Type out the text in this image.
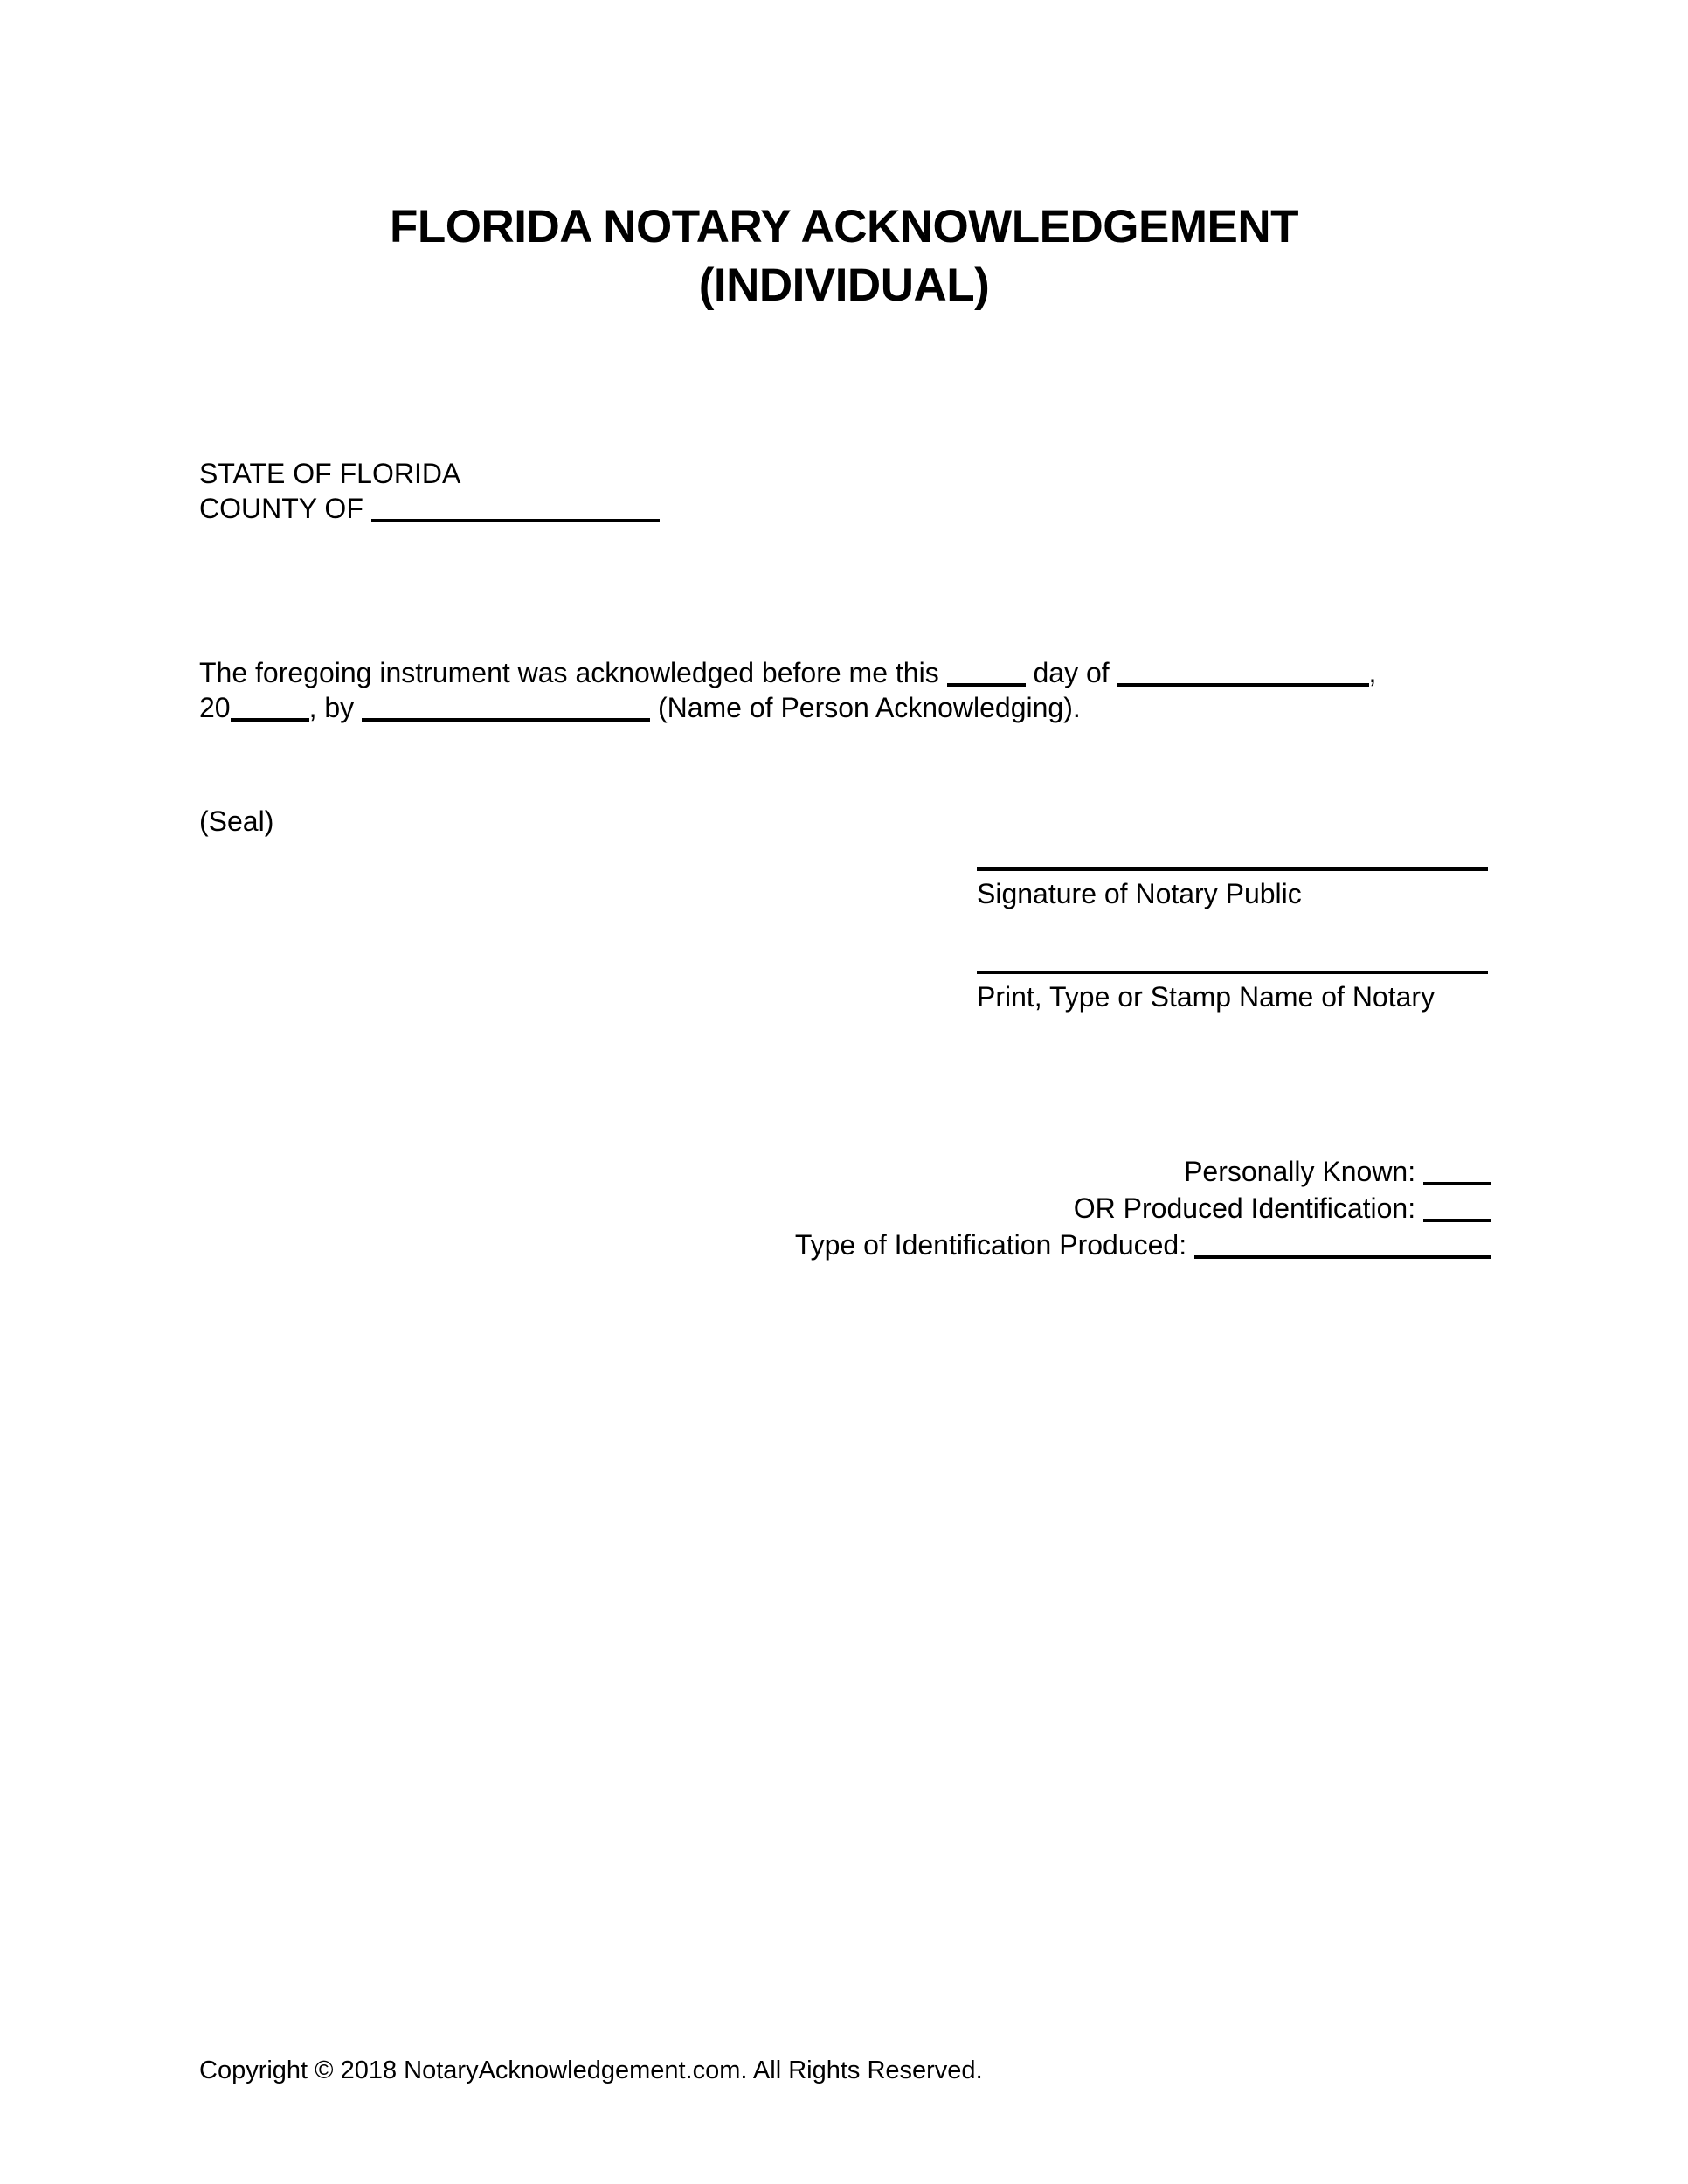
FLORIDA NOTARY ACKNOWLEDGEMENT
(INDIVIDUAL)
STATE OF FLORIDA
COUNTY OF

The foregoing instrument was acknowledged before me this	day of	,
20	, by	(Name of Person Acknowledging).

(Seal)
Signature of Notary Public
Print, Type or Stamp Name of Notary
Personally Known:
OR Produced Identification:
Type of Identification Produced:
Copyright © 2018 NotaryAcknowledgement.com. All Rights Reserved.
